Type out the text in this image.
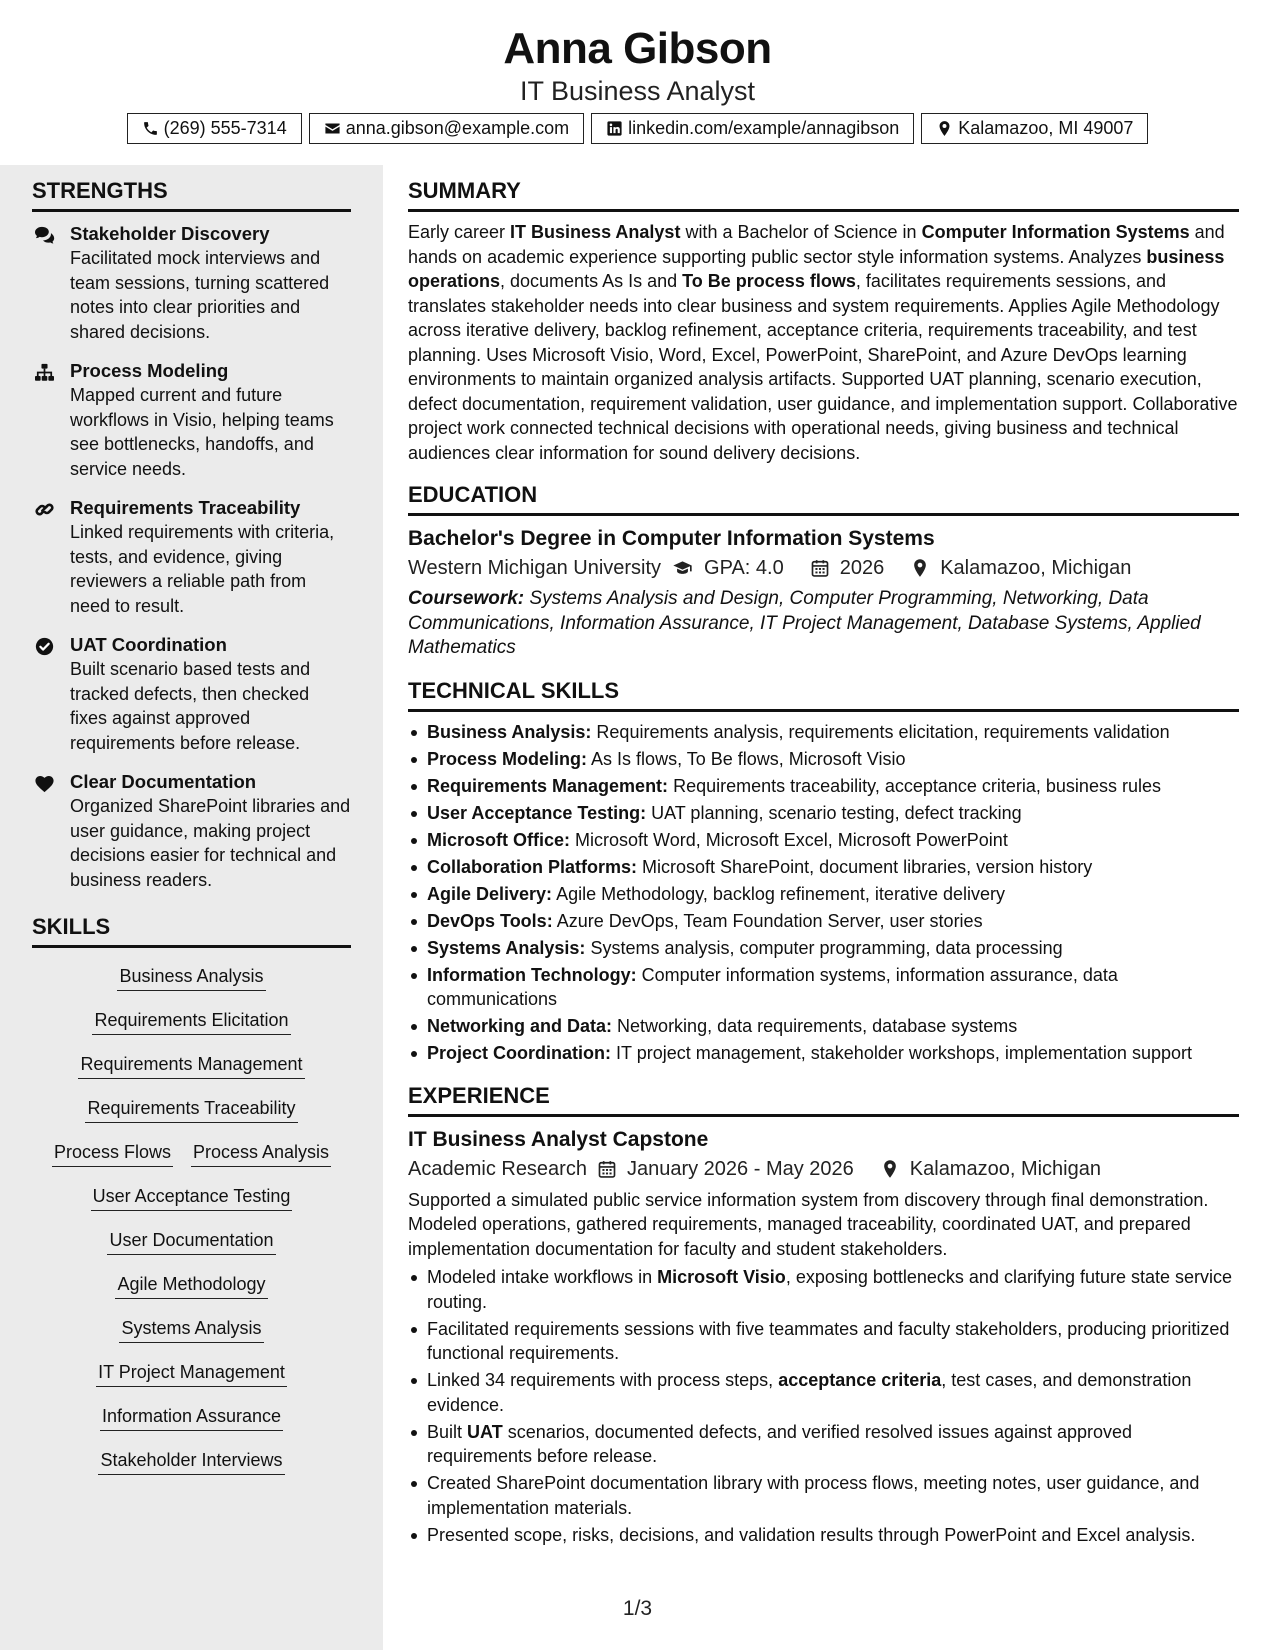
Anna Gibson
IT Business Analyst
(269) 555-7314	anna.gibson@example.com	linkedin.com/example/annagibson	Kalamazoo, MI 49007
STRENGTHS
Stakeholder Discovery
Facilitated mock interviews and team sessions, turning scattered notes into clear priorities and shared decisions.
Process Modeling
Mapped current and future workflows in Visio, helping teams see bottlenecks, handoffs, and service needs.
Requirements Traceability
Linked requirements with criteria, tests, and evidence, giving reviewers a reliable path from need to result.
UAT Coordination
Built scenario based tests and tracked defects, then checked fixes against approved requirements before release.
Clear Documentation
Organized SharePoint libraries and user guidance, making project decisions easier for technical and business readers.
SKILLS
Business Analysis
Requirements Elicitation
Requirements Management
Requirements Traceability
Process Flows Process Analysis
User Acceptance Testing
User Documentation
Agile Methodology
Systems Analysis
IT Project Management
Information Assurance
Stakeholder Interviews
SUMMARY
Early career IT Business Analyst with a Bachelor of Science in Computer Information Systems and hands on academic experience supporting public sector style information systems. Analyzes business operations, documents As Is and To Be process flows, facilitates requirements sessions, and translates stakeholder needs into clear business and system requirements. Applies Agile Methodology across iterative delivery, backlog refinement, acceptance criteria, requirements traceability, and test planning. Uses Microsoft Visio, Word, Excel, PowerPoint, SharePoint, and Azure DevOps learning environments to maintain organized analysis artifacts. Supported UAT planning, scenario execution, defect documentation, requirement validation, user guidance, and implementation support. Collaborative project work connected technical decisions with operational needs, giving business and technical audiences clear information for sound delivery decisions.
EDUCATION
Bachelor's Degree in Computer Information Systems
Western Michigan University GPA: 4.0	2026	Kalamazoo, Michigan
Coursework: Systems Analysis and Design, Computer Programming, Networking, Data Communications, Information Assurance, IT Project Management, Database Systems, Applied Mathematics
TECHNICAL SKILLS
Business Analysis: Requirements analysis, requirements elicitation, requirements validation
Process Modeling: As Is flows, To Be flows, Microsoft Visio
Requirements Management: Requirements traceability, acceptance criteria, business rules
User Acceptance Testing: UAT planning, scenario testing, defect tracking
Microsoft Office: Microsoft Word, Microsoft Excel, Microsoft PowerPoint
Collaboration Platforms: Microsoft SharePoint, document libraries, version history
Agile Delivery: Agile Methodology, backlog refinement, iterative delivery
DevOps Tools: Azure DevOps, Team Foundation Server, user stories
Systems Analysis: Systems analysis, computer programming, data processing
Information Technology: Computer information systems, information assurance, data communications
Networking and Data: Networking, data requirements, database systems
Project Coordination: IT project management, stakeholder workshops, implementation support
EXPERIENCE
IT Business Analyst Capstone
Academic Research January 2026 - May 2026	Kalamazoo, Michigan
Supported a simulated public service information system from discovery through final demonstration. Modeled operations, gathered requirements, managed traceability, coordinated UAT, and prepared implementation documentation for faculty and student stakeholders.
Modeled intake workflows in Microsoft Visio, exposing bottlenecks and clarifying future state service routing.
Facilitated requirements sessions with five teammates and faculty stakeholders, producing prioritized functional requirements.
Linked 34 requirements with process steps, acceptance criteria, test cases, and demonstration evidence.
Built UAT scenarios, documented defects, and verified resolved issues against approved requirements before release.
Created SharePoint documentation library with process flows, meeting notes, user guidance, and implementation materials.
Presented scope, risks, decisions, and validation results through PowerPoint and Excel analysis.
1/3
